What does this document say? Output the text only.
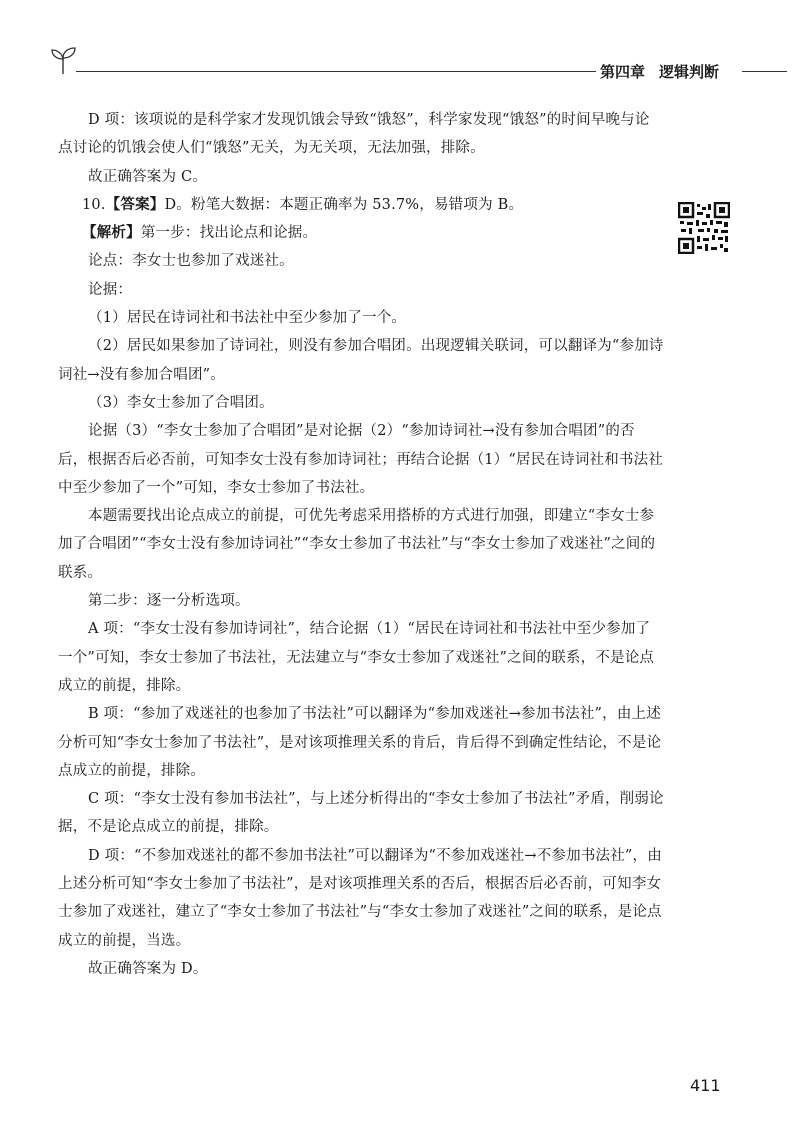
第四章 逻辑判断

D 项：该项说的是科学家才发现饥饿会导致“饿怒”，科学家发现“饿怒”的时间早晚与论点讨论的饥饿会使人们“饿怒”无关，为无关项，无法加强，排除。

故正确答案为 C。

10.【答案】D。粉笔大数据：本题正确率为 53.7%，易错项为 B。

【解析】第一步：找出论点和论据。

论点：李女士也参加了戏迷社。

论据：

（1）居民在诗词社和书法社中至少参加了一个。

（2）居民如果参加了诗词社，则没有参加合唱团。出现逻辑关联词，可以翻译为“参加诗词社→没有参加合唱团”。

（3）李女士参加了合唱团。

论据（3）“李女士参加了合唱团”是对论据（2）“参加诗词社→没有参加合唱团”的否后，根据否后必否前，可知李女士没有参加诗词社；再结合论据（1）“居民在诗词社和书法社中至少参加了一个”可知，李女士参加了书法社。

本题需要找出论点成立的前提，可优先考虑采用搭桥的方式进行加强，即建立“李女士参加了合唱团”“李女士没有参加诗词社”“李女士参加了书法社”与“李女士参加了戏迷社”之间的联系。

第二步：逐一分析选项。

A 项：“李女士没有参加诗词社”，结合论据（1）“居民在诗词社和书法社中至少参加了一个”可知，李女士参加了书法社，无法建立与“李女士参加了戏迷社”之间的联系，不是论点成立的前提，排除。

B 项：“参加了戏迷社的也参加了书法社”可以翻译为“参加戏迷社→参加书法社”，由上述分析可知“李女士参加了书法社”，是对该项推理关系的肯后，肯后得不到确定性结论，不是论点成立的前提，排除。

C 项：“李女士没有参加书法社”，与上述分析得出的“李女士参加了书法社”矛盾，削弱论据，不是论点成立的前提，排除。

D 项：“不参加戏迷社的都不参加书法社”可以翻译为“不参加戏迷社→不参加书法社”，由上述分析可知“李女士参加了书法社”，是对该项推理关系的否后，根据否后必否前，可知李女士参加了戏迷社，建立了“李女士参加了书法社”与“李女士参加了戏迷社”之间的联系，是论点成立的前提，当选。

故正确答案为 D。

411
